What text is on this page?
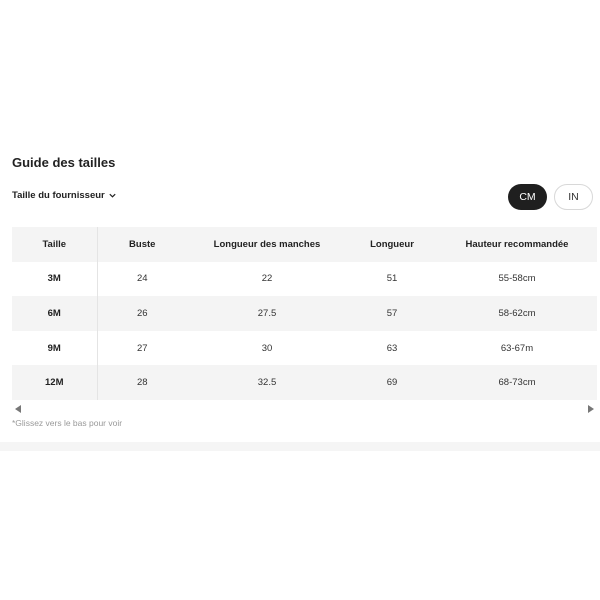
Guide des tailles
Taille du fournisseur	CM	IN
Taille	Buste	Longueur des manches	Longueur	Hauteur recommandée
3M	24	22	51	55-58cm
6M	26	27.5	57	58-62cm
9M	27	30	63	63-67m
12M	28	32.5	69	68-73cm
*Glissez vers le bas pour voir
